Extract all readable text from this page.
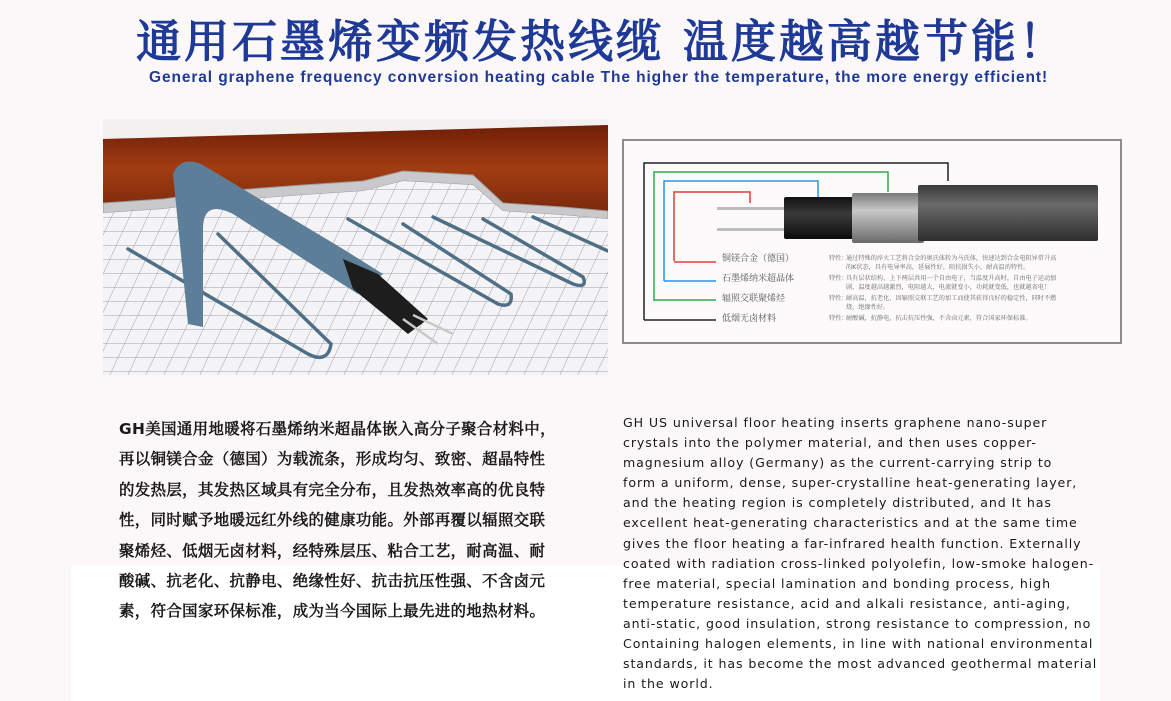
通用石墨烯变频发热线缆 温度越高越节能！
General graphene frequency conversion heating cable The higher the temperature, the more energy efficient!
铜镁合金（德国）
石墨烯纳米超晶体
辐照交联聚烯烃
低烟无卤材料
特性：
通过特殊的淬火工艺将合金的奥氏体转为马氏体，快速达到合金电阻异常升高
的K状态，具有电导率高，延展性好，阻抗损失小，耐高温的特性。
特性：
具有层状结构，上下两层共用一个自由电子，当温度升高时，自由电子运动加
剧，温度越高越激烈，电阻越大，电流就变小，功耗就变低，也就越省电！
特性：
耐高温，抗老化，因辐照交联工艺的加工而使其获得良好的稳定性，同时不燃
烧，绝缘性好。
特性：
耐酸碱，抗静电，抗击抗压性强，不含卤元素，符合国家环保标准。
GH美国通用地暖将石墨烯纳米超晶体嵌入高分子聚合材料中，
再以铜镁合金（德国）为载流条，形成均匀、致密、超晶特性
的发热层，其发热区域具有完全分布，且发热效率高的优良特
性，同时赋予地暖远红外线的健康功能。外部再覆以辐照交联
聚烯烃、低烟无卤材料，经特殊层压、粘合工艺，耐高温、耐
酸碱、抗老化、抗静电、绝缘性好、抗击抗压性强、不含卤元
素，符合国家环保标准，成为当今国际上最先进的地热材料。
GH US universal floor heating inserts graphene nano-super
crystals into the polymer material, and then uses copper-
magnesium alloy (Germany) as the current-carrying strip to
form a uniform, dense, super-crystalline heat-generating layer,
and the heating region is completely distributed, and It has
excellent heat-generating characteristics and at the same time
gives the floor heating a far-infrared health function. Externally
coated with radiation cross-linked polyolefin, low-smoke halogen-
free material, special lamination and bonding process, high
temperature resistance, acid and alkali resistance, anti-aging,
anti-static, good insulation, strong resistance to compression, no
Containing halogen elements, in line with national environmental
standards, it has become the most advanced geothermal material
in the world.
